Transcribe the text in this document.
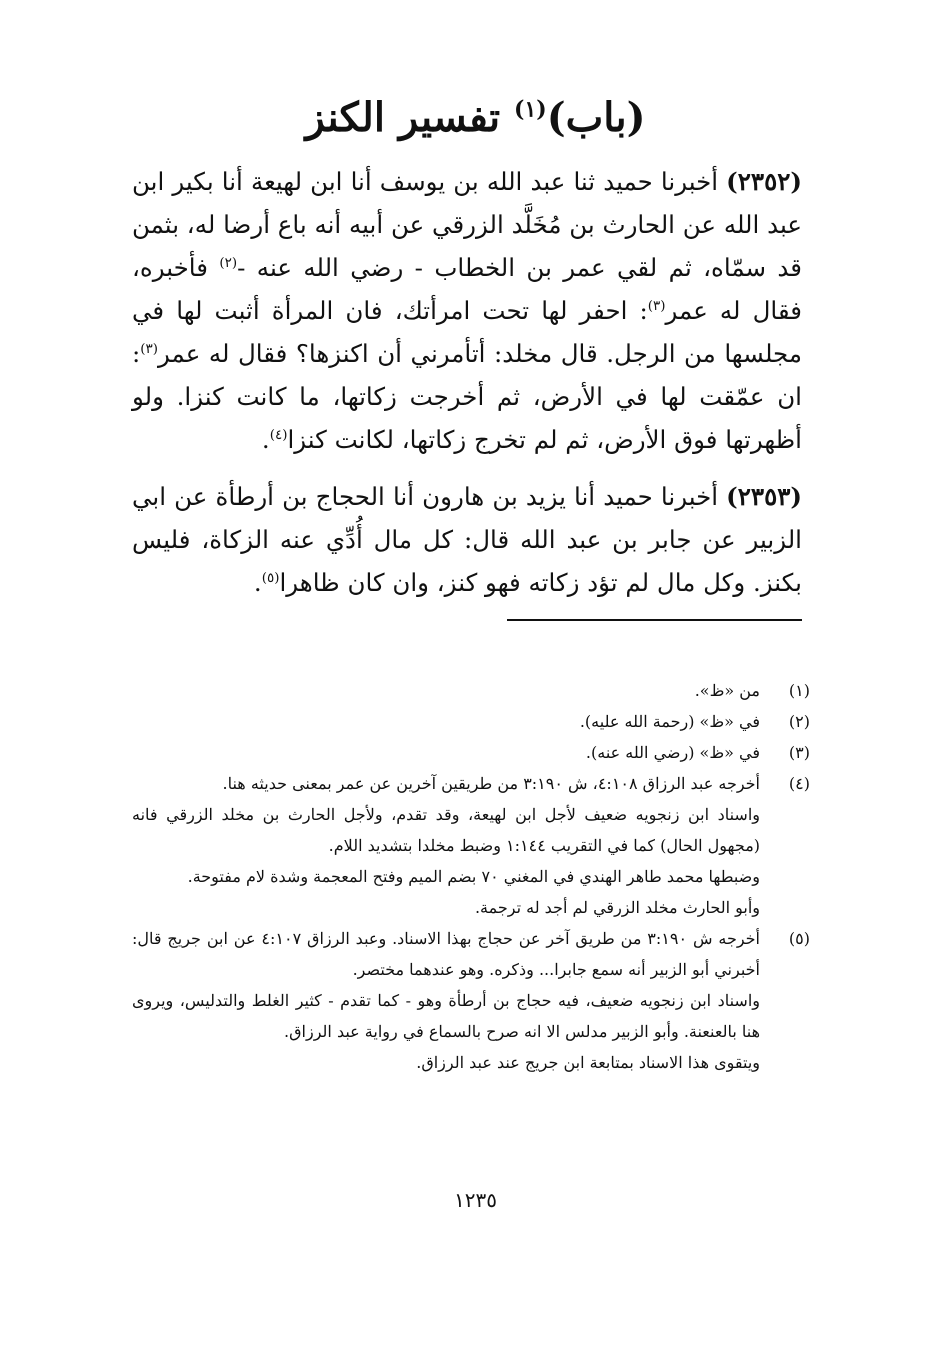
(باب)$^{(١)}$ تفسير الكنز

(٢٣٥٢) أخبرنا حميد ثنا عبد الله بن يوسف أنا ابن لهيعة أنا بكير ابن عبد الله عن الحارث بن مُخَلَّد الزرقي عن أبيه أنه باع أرضا له، بثمن قد سمّاه، ثم لقي عمر بن الخطاب - رضي الله عنه -$^{(٢)}$ فأخبره، فقال له عمر$^{(٣)}$: احفر لها تحت امرأتك، فان المرأة أثبت لها في مجلسها من الرجل. قال مخلد: أتأمرني أن اكنزها؟ فقال له عمر$^{(٣)}$: ان عمّقت لها في الأرض، ثم أخرجت زكاتها، ما كانت كنزا. ولو أظهرتها فوق الأرض، ثم لم تخرج زكاتها، لكانت كنزا$^{(٤)}$.

(٢٣٥٣) أخبرنا حميد أنا يزيد بن هارون أنا الحجاج بن أرطأة عن ابي الزبير عن جابر بن عبد الله قال: كل مال أُدِّي عنه الزكاة، فليس بكنز. وكل مال لم تؤد زكاته فهو كنز، وان كان ظاهرا$^{(٥)}$.

(١)
من «ظ».
(٢)
في «ظ» (رحمة الله عليه).
(٣)
في «ظ» (رضي الله عنه).
(٤)
أخرجه عبد الرزاق ٤:١٠٨، ش ٣:١٩٠ من طريقين آخرين عن عمر بمعنى حديثه هنا.
واسناد ابن زنجويه ضعيف لأجل ابن لهيعة، وقد تقدم، ولأجل الحارث بن مخلد الزرقي فانه (مجهول الحال) كما في التقريب ١:١٤٤ وضبط مخلدا بتشديد اللام.
وضبطها محمد طاهر الهندي في المغني ٧٠ بضم الميم وفتح المعجمة وشدة لام مفتوحة.
وأبو الحارث مخلد الزرقي لم أجد له ترجمة.
(٥)
أخرجه ش ٣:١٩٠ من طريق آخر عن حجاج بهذا الاسناد. وعبد الرزاق ٤:١٠٧ عن ابن جريج قال: أخبرني أبو الزبير أنه سمع جابرا... وذكره. وهو عندهما مختصر.
واسناد ابن زنجويه ضعيف، فيه حجاج بن أرطأة وهو - كما تقدم - كثير الغلط والتدليس، ويروى هنا بالعنعنة. وأبو الزبير مدلس الا انه صرح بالسماع في رواية عبد الرزاق.
ويتقوى هذا الاسناد بمتابعة ابن جريج عند عبد الرزاق.
١٢٣٥
